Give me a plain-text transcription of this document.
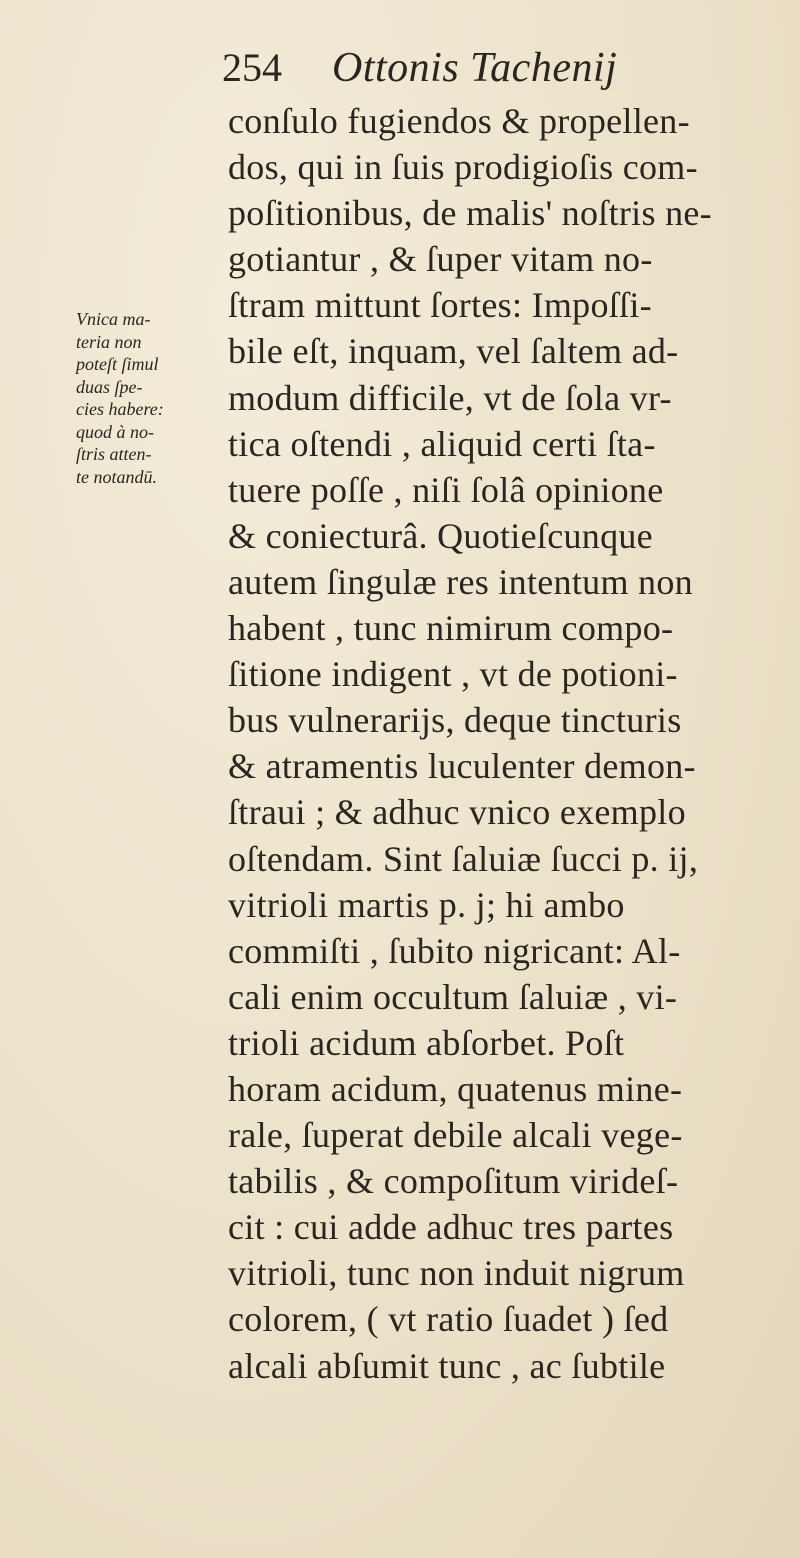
254 Ottonis Tachenij
Vnica ma-
teria non
poteſt ſimul
duas ſpe-
cies habere:
quod à no-
ſtris atten-
te notandū.
conſulo fugiendos & propellen-
dos, qui in ſuis prodigioſis com-
poſitionibus, de malis' noſtris ne-
gotiantur , & ſuper vitam no-
ſtram mittunt ſortes: Impoſſi-
bile eſt, inquam, vel ſaltem ad-
modum difficile, vt de ſola vr-
tica oſtendi , aliquid certi ſta-
tuere poſſe , niſi ſolâ opinione
& coniecturâ. Quotieſcunque
autem ſingulæ res intentum non
habent , tunc nimirum compo-
ſitione indigent , vt de potioni-
bus vulnerarijs, deque tincturis
& atramentis luculenter demon-
ſtraui ; & adhuc vnico exemplo
oſtendam. Sint ſaluiæ ſucci p. ij,
vitrioli martis p. j; hi ambo
commiſti , ſubito nigricant: Al-
cali enim occultum ſaluiæ , vi-
trioli acidum abſorbet. Poſt
horam acidum, quatenus mine-
rale, ſuperat debile alcali vege-
tabilis , & compoſitum virideſ-
cit : cui adde adhuc tres partes
vitrioli, tunc non induit nigrum
colorem, ( vt ratio ſuadet ) ſed
alcali abſumit tunc , ac ſubtile
